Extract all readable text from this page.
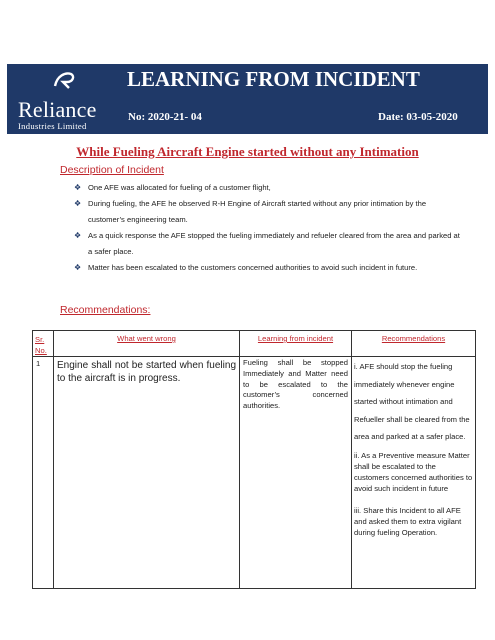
Reliance
Industries Limited
LEARNING FROM INCIDENT
No: 2020-21- 04	Date: 03-05-2020
While Fueling Aircraft Engine started without any Intimation
Description of Incident
❖ One AFE was allocated for fueling of a customer flight,
❖ During fueling, the AFE he observed R-H Engine of Aircraft started without any prior intimation by the customer’s engineering team.
❖ As a quick response the AFE stopped the fueling immediately and refueler cleared from the area and parked at a safer place.
❖ Matter has been escalated to the customers concerned authorities to avoid such incident in future.
Recommendations:
Sr. No.	What went wrong	Learning from incident	Recommendations
1	Engine shall not be started when fueling to the aircraft is in progress.	Fueling shall be stopped Immediately and Matter need to be escalated to the customer’s concerned authorities.	i. AFE should stop the fueling immediately whenever engine started without intimation and Refueller shall be cleared from the area and parked at a safer place.
ii. As a Preventive measure Matter shall be escalated to the customers concerned authorities to avoid such incident in future
iii. Share this Incident to all AFE and asked them to extra vigilant during fueling Operation.
